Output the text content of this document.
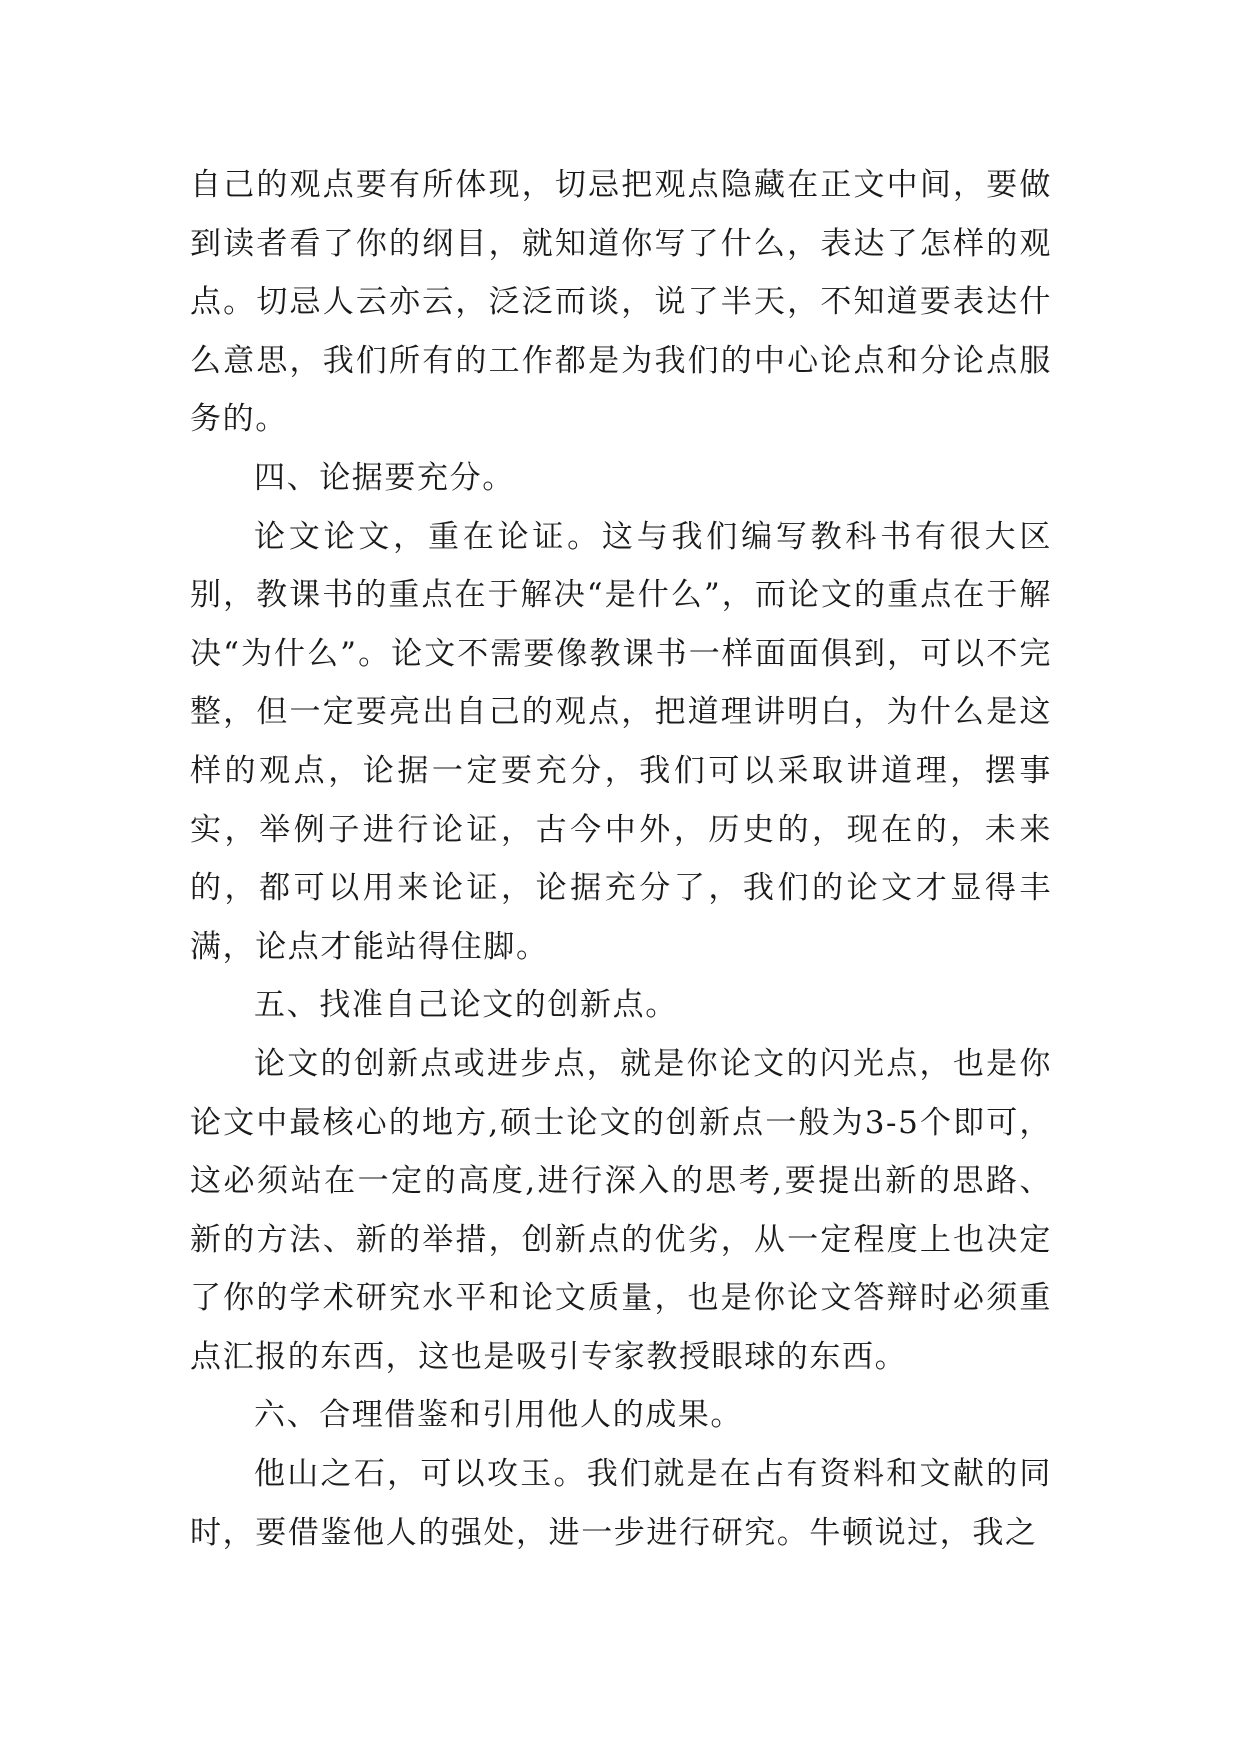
自己的观点要有所体现，切忌把观点隐藏在正文中间，要做到读者看了你的纲目，就知道你写了什么，表达了怎样的观点。切忌人云亦云，泛泛而谈，说了半天，不知道要表达什么意思，我们所有的工作都是为我们的中心论点和分论点服务的。

四、论据要充分。

论文论文，重在论证。这与我们编写教科书有很大区别，教课书的重点在于解决“是什么”，而论文的重点在于解决“为什么”。论文不需要像教课书一样面面俱到，可以不完整，但一定要亮出自己的观点，把道理讲明白，为什么是这样的观点，论据一定要充分，我们可以采取讲道理，摆事实，举例子进行论证，古今中外，历史的，现在的，未来的，都可以用来论证，论据充分了，我们的论文才显得丰满，论点才能站得住脚。

五、找准自己论文的创新点。

论文的创新点或进步点，就是你论文的闪光点，也是你论文中最核心的地方,硕士论文的创新点一般为3-5个即可，这必须站在一定的高度,进行深入的思考,要提出新的思路、新的方法、新的举措，创新点的优劣，从一定程度上也决定了你的学术研究水平和论文质量，也是你论文答辩时必须重点汇报的东西，这也是吸引专家教授眼球的东西。

六、合理借鉴和引用他人的成果。

他山之石，可以攻玉。我们就是在占有资料和文献的同时，要借鉴他人的强处，进一步进行研究。牛顿说过，我之
